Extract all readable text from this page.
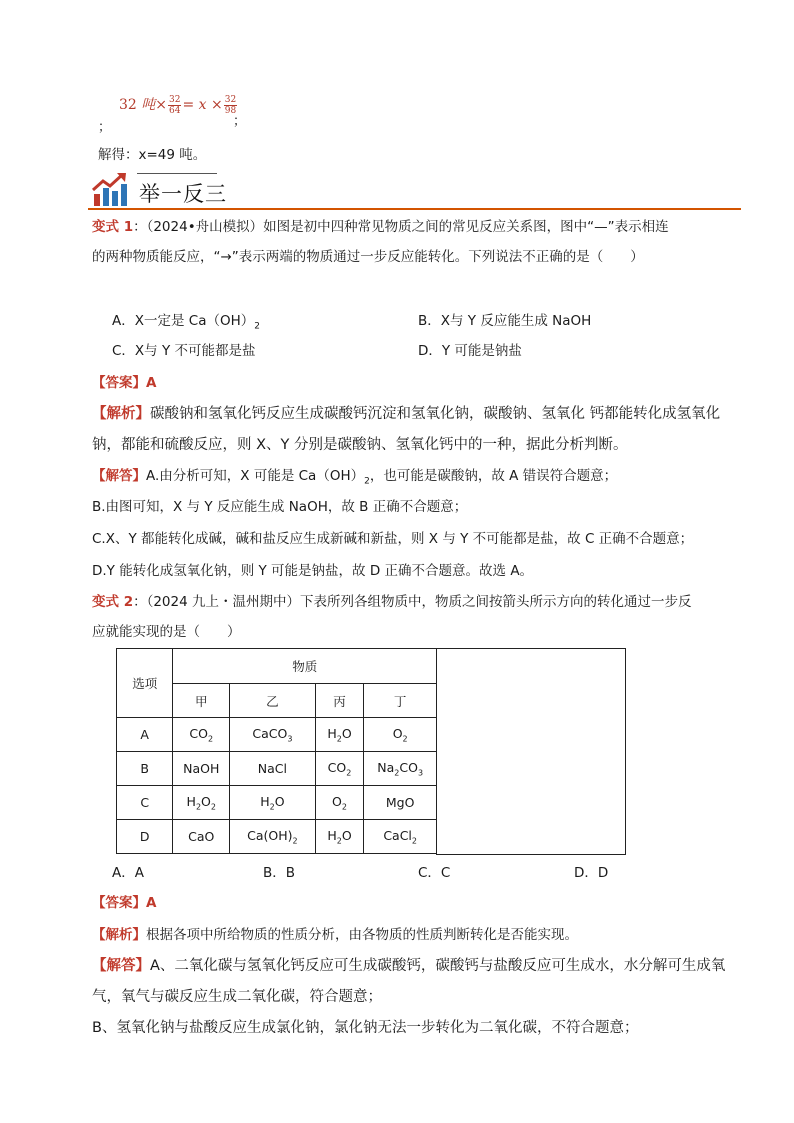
；
32 吨× $\frac{32}{64} = x \times \frac{32}{98}$
；
解得：x=49 吨。
举一反三
变式 1：（2024•舟山模拟）如图是初中四种常见物质之间的常见反应关系图，图中“—”表示相连
的两种物质能反应，“→”表示两端的物质通过一步反应能转化。下列说法不正确的是（　　）
A．X一定是 $Ca(OH)_2$	B．X与 Y 反应能生成 NaOH
C．X与 Y 不可能都是盐	D．Y 可能是钠盐
【答案】A
【解析】碳酸钠和氢氧化钙反应生成碳酸钙沉淀和氢氧化钠，碳酸钠、氢氧化 钙都能转化成氢氧化
钠，都能和硫酸反应，则 X、Y 分别是碳酸钠、氢氧化钙中的一种，据此分析判断。
【解答】A.由分析可知，X 可能是 $Ca(OH)_2$，也可能是碳酸钠，故 A 错误符合题意；
B.由图可知，X 与 Y 反应能生成 NaOH，故 B 正确不合题意；
C.X、Y 都能转化成碱，碱和盐反应生成新碱和新盐，则 X 与 Y 不可能都是盐，故 C 正确不合题意；
D.Y 能转化成氢氧化钠，则 Y 可能是钠盐，故 D 正确不合题意。故选 A。
变式 2：（2024 九上・温州期中）下表所列各组物质中，物质之间按箭头所示方向的转化通过一步反
应就能实现的是（　　）
选项	物质			
	甲	乙	丙	丁
A	$CO_2$	CaCO$_3$	$H_2O$	$O_2$
B	NaOH	NaCl	$CO_2$	$Na_2CO_3$
C	$H_2O_2$	$H_2O$	$O_2$	MgO
D	CaO	$Ca(OH)_2$	$H_2O$	CaCl$_2$
A．A	B．B	C．C	D．D
【答案】A
【解析】根据各项中所给物质的性质分析，由各物质的性质判断转化是否能实现。
【解答】A、二氧化碳与氢氧化钙反应可生成碳酸钙，碳酸钙与盐酸反应可生成水，水分解可生成氧
气，氧气与碳反应生成二氧化碳，符合题意；
B、氢氧化钠与盐酸反应生成氯化钠，氯化钠无法一步转化为二氧化碳，不符合题意；
